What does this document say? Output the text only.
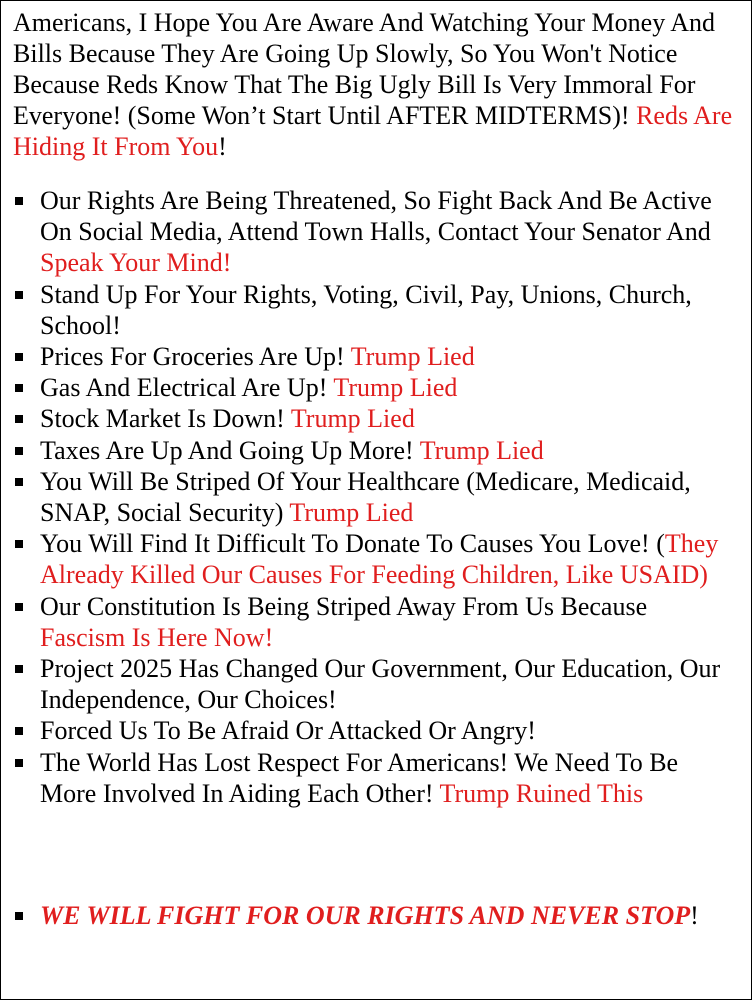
Americans, I Hope You Are Aware And Watching Your Money And Bills Because They Are Going Up Slowly, So You Won't Notice Because Reds Know That The Big Ugly Bill Is Very Immoral For Everyone! (Some Won’t Start Until AFTER MIDTERMS)! Reds Are Hiding It From You!

Our Rights Are Being Threatened, So Fight Back And Be Active On Social Media, Attend Town Halls, Contact Your Senator And Speak Your Mind!
Stand Up For Your Rights, Voting, Civil, Pay, Unions, Church, School!
Prices For Groceries Are Up! Trump Lied
Gas And Electrical Are Up! Trump Lied
Stock Market Is Down! Trump Lied
Taxes Are Up And Going Up More! Trump Lied
You Will Be Striped Of Your Healthcare (Medicare, Medicaid, SNAP, Social Security) Trump Lied
You Will Find It Difficult To Donate To Causes You Love! (They Already Killed Our Causes For Feeding Children, Like USAID)
Our Constitution Is Being Striped Away From Us Because Fascism Is Here Now!
Project 2025 Has Changed Our Government, Our Education, Our Independence, Our Choices!
Forced Us To Be Afraid Or Attacked Or Angry!
The World Has Lost Respect For Americans! We Need To Be More Involved In Aiding Each Other! Trump Ruined This
WE WILL FIGHT FOR OUR RIGHTS AND NEVER STOP!
